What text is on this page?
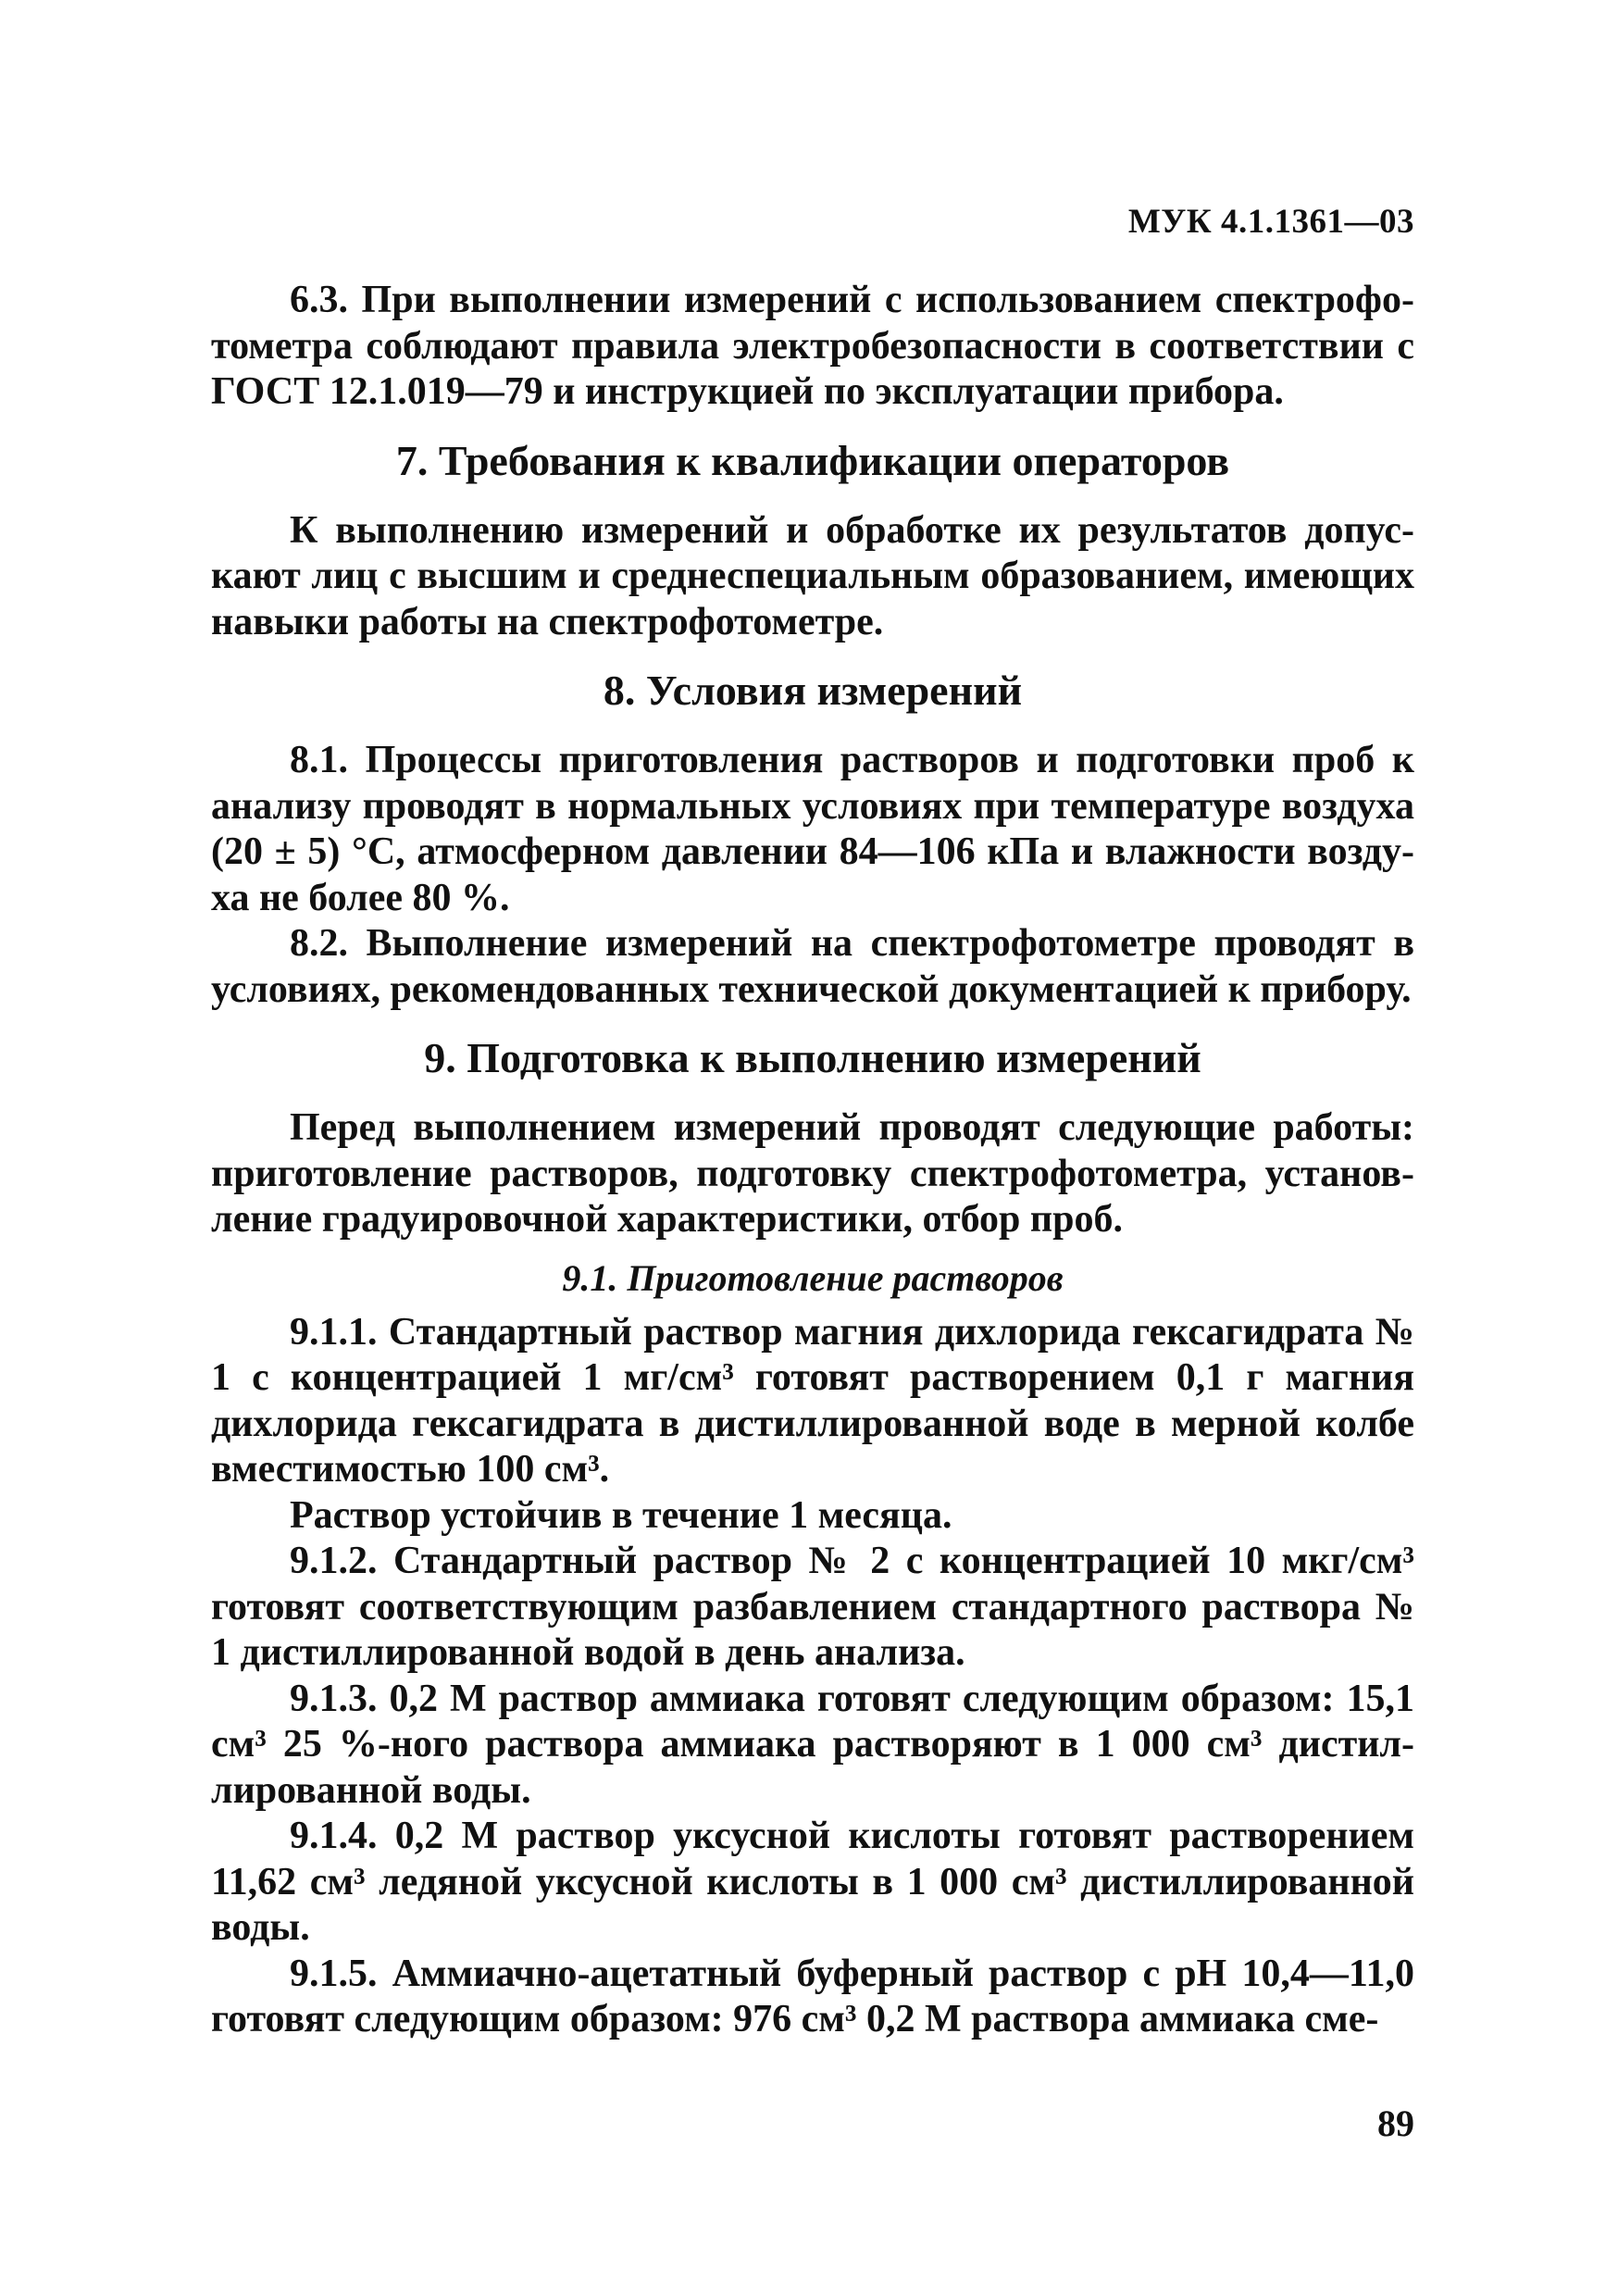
МУК 4.1.1361—03

6.3. При выполнении измерений с использованием спектрофотометра соблюдают правила электробезопасности в соответствии с ГОСТ 12.1.019—79 и инструкцией по эксплуатации прибора.

7. Требования к квалификации операторов

К выполнению измерений и обработке их результатов допускают лиц с высшим и среднеспециальным образованием, имеющих навыки работы на спектрофотометре.

8. Условия измерений

8.1. Процессы приготовления растворов и подготовки проб к анализу проводят в нормальных условиях при температуре воздуха (20 ± 5) °С, атмосферном давлении 84—106 кПа и влажности воздуха не более 80 %.

8.2. Выполнение измерений на спектрофотометре проводят в условиях, рекомендованных технической документацией к прибору.

9. Подготовка к выполнению измерений

Перед выполнением измерений проводят следующие работы: приготовление растворов, подготовку спектрофотометра, установление градуировочной характеристики, отбор проб.

9.1. Приготовление растворов

9.1.1. Стандартный раствор магния дихлорида гексагидрата № 1 с концентрацией 1 мг/см³ готовят растворением 0,1 г магния дихлорида гексагидрата в дистиллированной воде в мерной колбе вместимостью 100 см³.

Раствор устойчив в течение 1 месяца.

9.1.2. Стандартный раствор № 2 с концентрацией 10 мкг/см³ готовят соответствующим разбавлением стандартного раствора № 1 дистиллированной водой в день анализа.

9.1.3. 0,2 М раствор аммиака готовят следующим образом: 15,1 см³ 25 %-ного раствора аммиака растворяют в 1 000 см³ дистиллированной воды.

9.1.4. 0,2 М раствор уксусной кислоты готовят растворением 11,62 см³ ледяной уксусной кислоты в 1 000 см³ дистиллированной воды.

9.1.5. Аммиачно-ацетатный буферный раствор с pH 10,4—11,0 готовят следующим образом: 976 см³ 0,2 М раствора аммиака сме-

89
